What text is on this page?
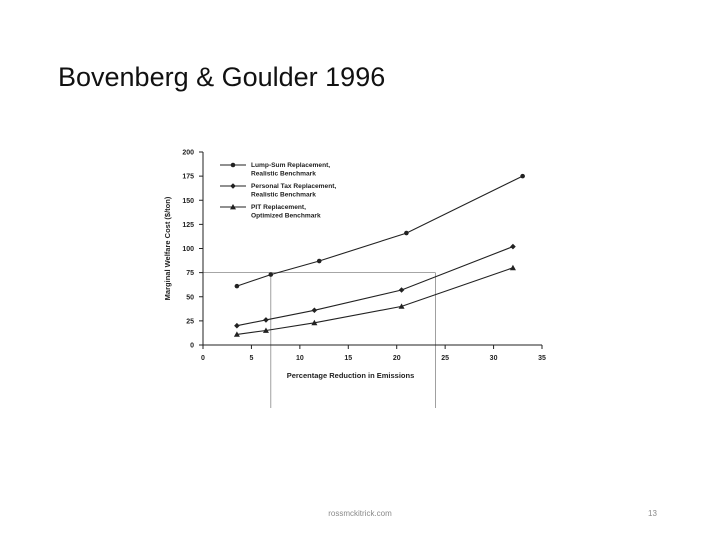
Bovenberg & Goulder 1996
0	5	10	15	20	25	30	35
0
25
50
75
100
125
150
175
200
Lump-Sum Replacement, Realistic Benchmark
Personal Tax Replacement, Realistic Benchmark
PIT Replacement, Optimized Benchmark
Percentage Reduction in Emissions
Marginal Welfare Cost ($/ton)
rossmckitrick.com	13
